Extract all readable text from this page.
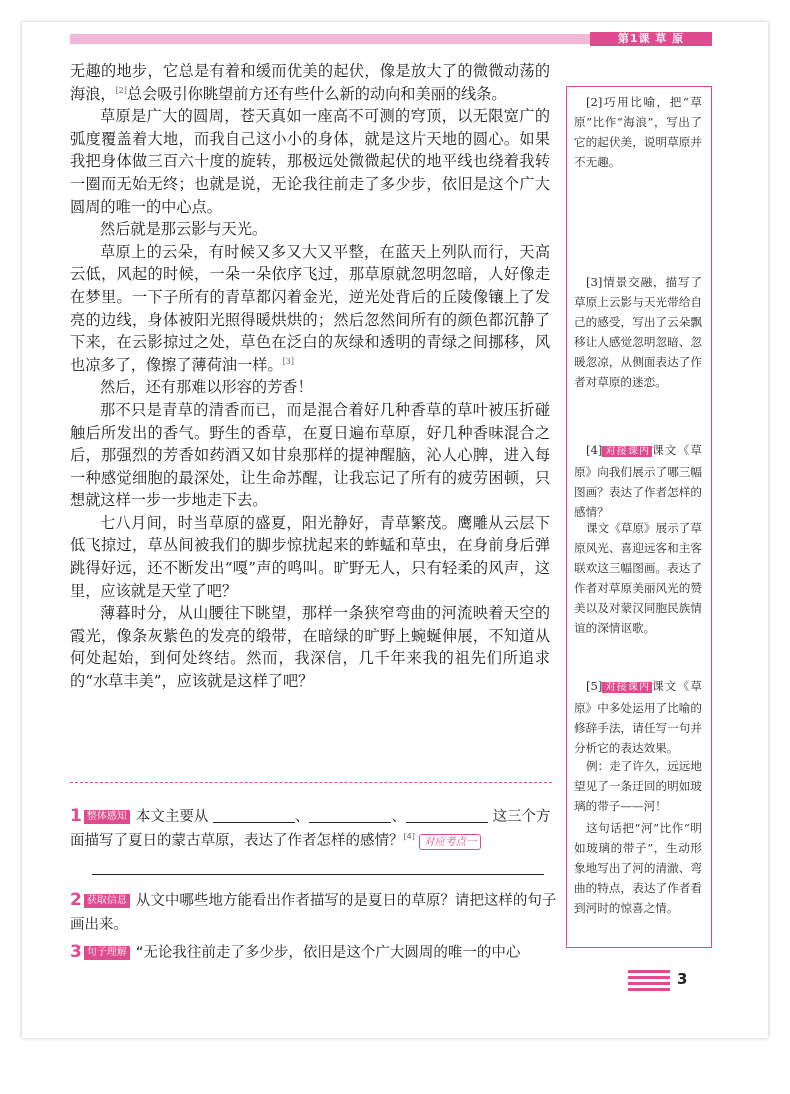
第1课 草 原

无趣的地步，它总是有着和缓而优美的起伏，像是放大了的微微动荡的海浪，[2]总会吸引你眺望前方还有些什么新的动向和美丽的线条。

草原是广大的圆周，苍天真如一座高不可测的穹顶，以无限宽广的弧度覆盖着大地，而我自己这小小的身体，就是这片天地的圆心。如果我把身体做三百六十度的旋转，那极远处微微起伏的地平线也绕着我转一圈而无始无终；也就是说，无论我往前走了多少步，依旧是这个广大圆周的唯一的中心点。

然后就是那云影与天光。

草原上的云朵，有时候又多又大又平整，在蓝天上列队而行，天高云低，风起的时候，一朵一朵依序飞过，那草原就忽明忽暗，人好像走在梦里。一下子所有的青草都闪着金光，逆光处背后的丘陵像镶上了发亮的边线，身体被阳光照得暖烘烘的；然后忽然间所有的颜色都沉静了下来，在云影掠过之处，草色在泛白的灰绿和透明的青绿之间挪移，风也凉多了，像擦了薄荷油一样。[3]

然后，还有那难以形容的芳香！

那不只是青草的清香而已，而是混合着好几种香草的草叶被压折碰触后所发出的香气。野生的香草，在夏日遍布草原，好几种香味混合之后，那强烈的芳香如药酒又如甘泉那样的提神醒脑，沁人心脾，进入每一种感觉细胞的最深处，让生命苏醒，让我忘记了所有的疲劳困顿，只想就这样一步一步地走下去。

七八月间，时当草原的盛夏，阳光静好，青草繁茂。鹰雕从云层下低飞掠过，草丛间被我们的脚步惊扰起来的蚱蜢和草虫，在身前身后弹跳得好远，还不断发出“嘎”声的鸣叫。旷野无人，只有轻柔的风声，这里，应该就是天堂了吧？

薄暮时分，从山腰往下眺望，那样一条狭窄弯曲的河流映着天空的霞光，像条灰紫色的发亮的缎带，在暗绿的旷野上蜿蜒伸展，不知道从何处起始，到何处终结。然而，我深信，几千年来我的祖先们所追求的“水草丰美”，应该就是这样了吧？

[2]巧用比喻，把“草原”比作“海浪”，写出了它的起伏美，说明草原并不无趣。
[3]情景交融，描写了草原上云影与天光带给自己的感受，写出了云朵飘移让人感觉忽明忽暗、忽暖忽凉，从侧面表达了作者对草原的迷恋。
[4] 对接课内 课文《草原》向我们展示了哪三幅图画？表达了作者怎样的感情？
课文《草原》展示了草原风光、喜迎远客和主客联欢这三幅图画。表达了作者对草原美丽风光的赞美以及对蒙汉同胞民族情谊的深情讴歌。
[5] 对接课内 课文《草原》中多处运用了比喻的修辞手法，请任写一句并分析它的表达效果。
例：走了许久，远远地望见了一条迂回的明如玻璃的带子——河！
这句话把“河”比作“明如玻璃的带子”，生动形象地写出了河的清澈、弯曲的特点，表达了作者看到河时的惊喜之情。
1 整体感知 本文主要从	、	、	这三个方面描写了夏日的蒙古草原，表达了作者怎样的感情？[4] 对应考点一
2 获取信息 从文中哪些地方能看出作者描写的是夏日的草原？请把这样的句子画出来。
3 句子理解 “无论我往前走了多少步，依旧是这个广大圆周的唯一的中心
3
